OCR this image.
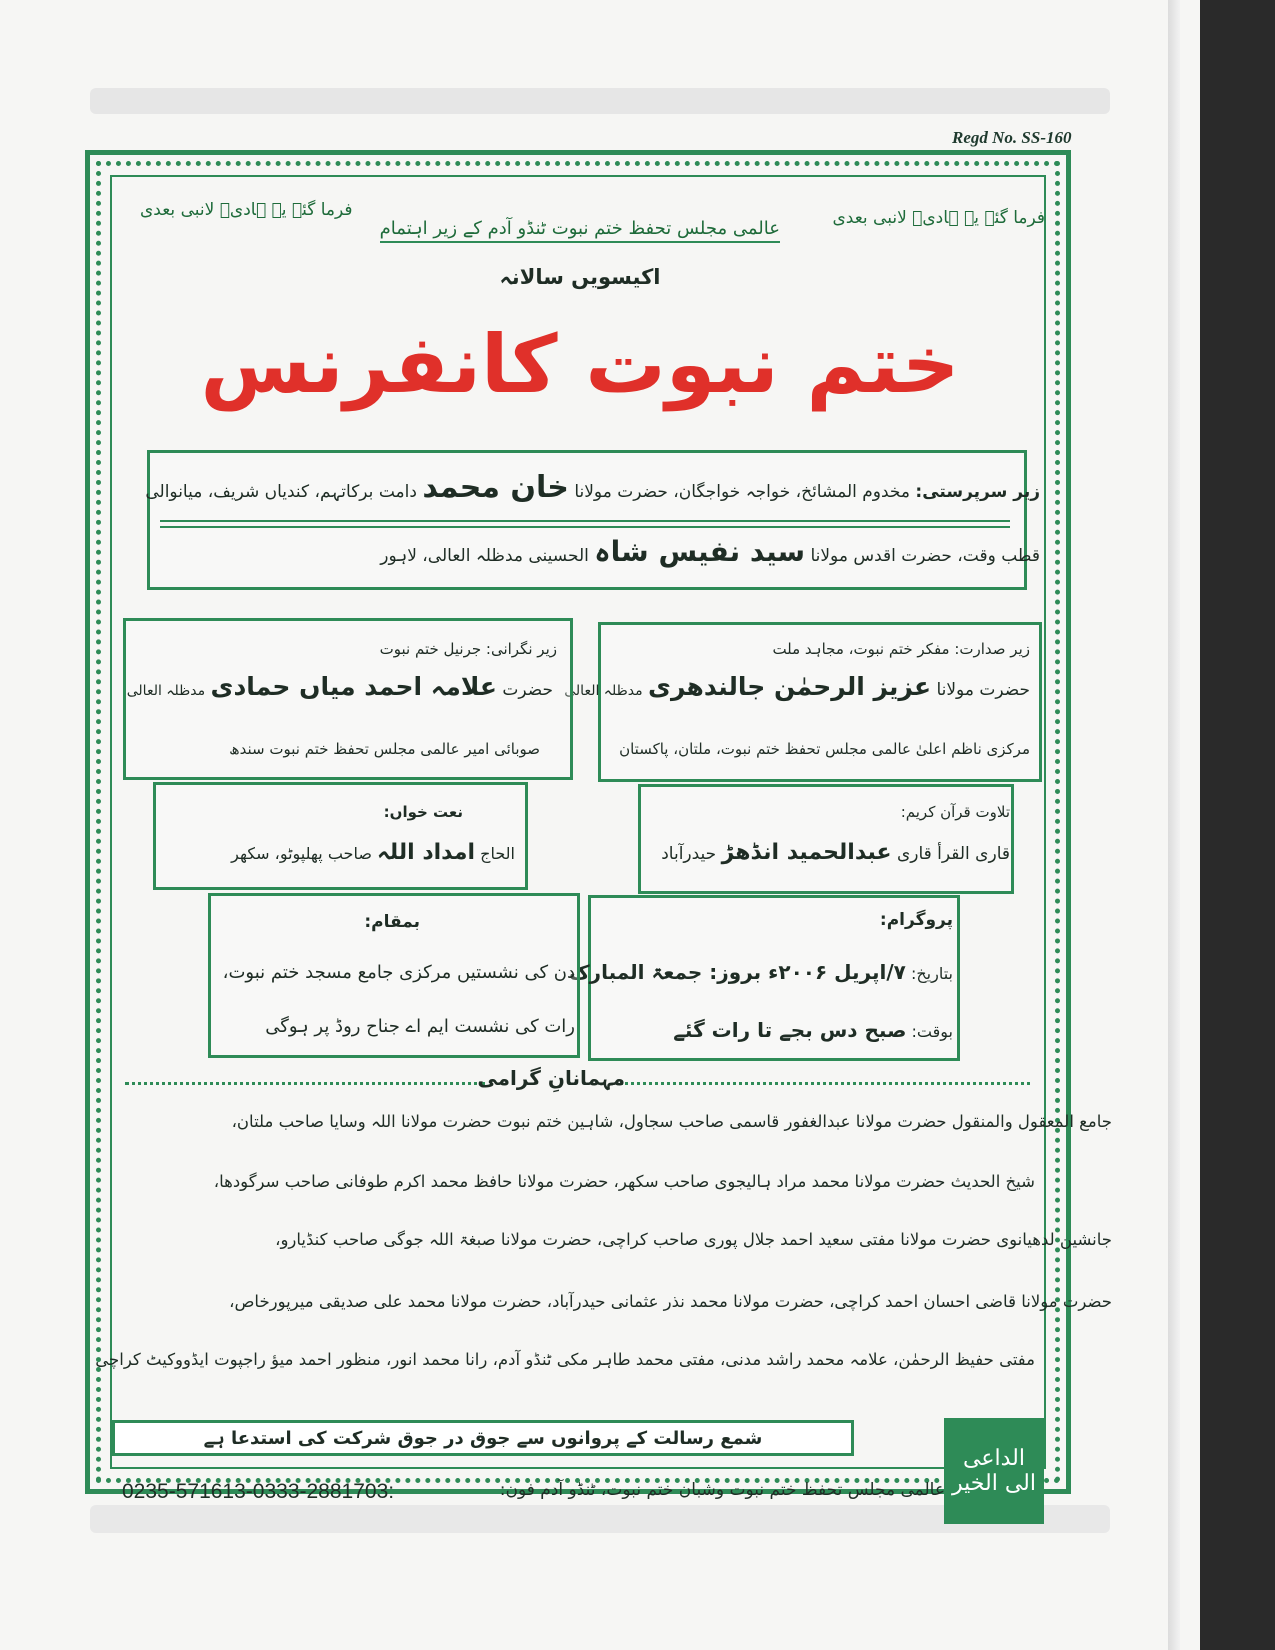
Regd No. SS-160
فرما گئے یہ ہادیؐ لانبی بعدی
فرما گئے یہ ہادیؐ لانبی بعدی
عالمی مجلس تحفظ ختم نبوت ٹنڈو آدم کے زیر اہتمام
اکیسویں سالانہ
ختم نبوت کانفرنس
زیر سرپرستی: مخدوم المشائخ، خواجہ خواجگان، حضرت مولانا خان محمد دامت برکاتہم، کندیاں شریف، میانوالی
قطب وقت، حضرت اقدس مولانا سید نفیس شاہ الحسینی مدظلہ العالی، لاہور
زیر صدارت: مفکر ختم نبوت، مجاہد ملت
حضرت مولانا عزیز الرحمٰن جالندھری مدظلہ العالی
مرکزی ناظم اعلیٰ عالمی مجلس تحفظ ختم نبوت، ملتان، پاکستان
زیر نگرانی: جرنیل ختم نبوت
حضرت علامہ احمد میاں حمادی مدظلہ العالی
صوبائی امیر عالمی مجلس تحفظ ختم نبوت سندھ
تلاوت قرآن کریم:
قاری القرأ قاری عبدالحمید انڈھڑ حیدرآباد
نعت خواں:
الحاج امداد اللہ صاحب پھلپوٹو، سکھر
پروگرام:
بتاریخ: ۷/اپریل ۲۰۰۶ء بروز: جمعۃ المبارک
بوقت: صبح دس بجے تا رات گئے
بمقام:
دن کی نشستیں مرکزی جامع مسجد ختم نبوت،
رات کی نشست ایم اے جناح روڈ پر ہوگی
مہمانانِ گرامی
جامع المعقول والمنقول حضرت مولانا عبدالغفور قاسمی صاحب سجاول، شاہین ختم نبوت حضرت مولانا اللہ وسایا صاحب ملتان،
شیخ الحدیث حضرت مولانا محمد مراد ہالیجوی صاحب سکھر، حضرت مولانا حافظ محمد اکرم طوفانی صاحب سرگودھا،
جانشین لدھیانوی حضرت مولانا مفتی سعید احمد جلال پوری صاحب کراچی، حضرت مولانا صبغۃ اللہ جوگی صاحب کنڈیارو،
حضرت مولانا قاضی احسان احمد کراچی، حضرت مولانا محمد نذر عثمانی حیدرآباد، حضرت مولانا محمد علی صدیقی میرپورخاص،
مفتی حفیظ الرحمٰن، علامہ محمد راشد مدنی، مفتی محمد طاہر مکی ٹنڈو آدم، رانا محمد انور، منظور احمد میؤ راجپوت ایڈووکیٹ کراچی
شمع رسالت کے پروانوں سے جوق در جوق شرکت کی استدعا ہے
الداعی
الی الخیر
عالمی مجلس تحفظ ختم نبوت وشبان ختم نبوت، ٹنڈو آدم فون:
0235-571613-0333-2881703:
